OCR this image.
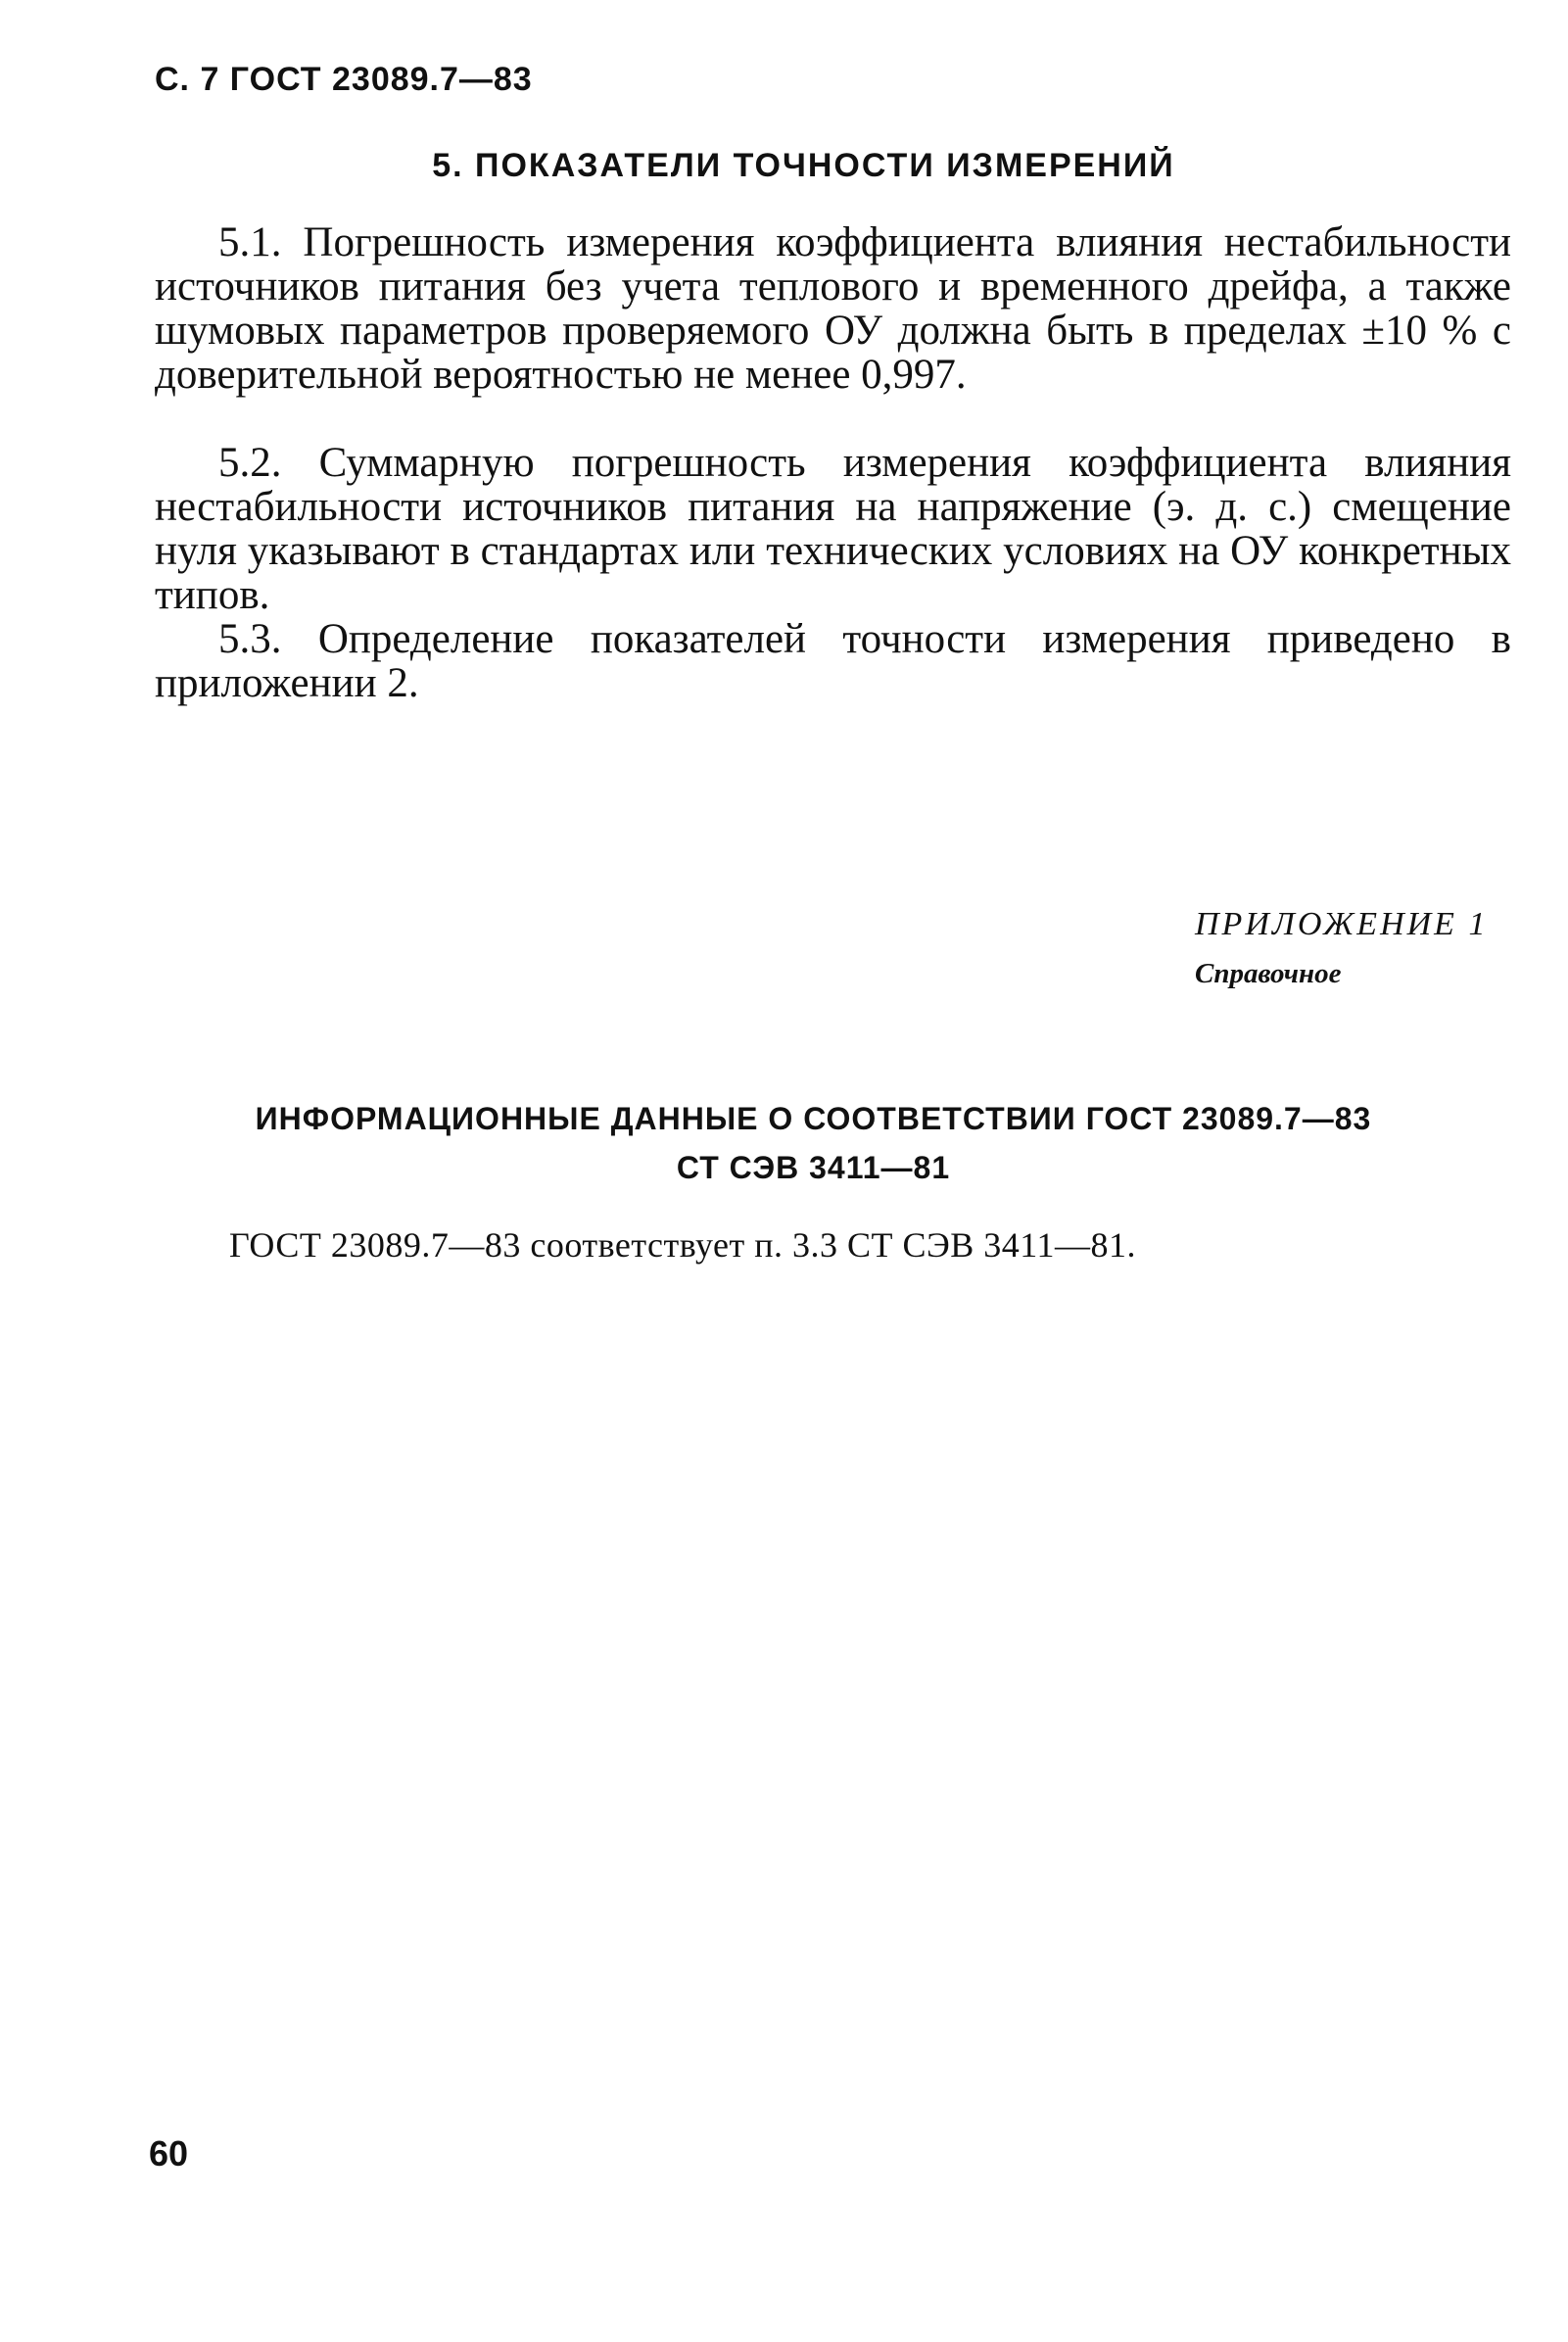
С. 7 ГОСТ 23089.7—83
5. ПОКАЗАТЕЛИ ТОЧНОСТИ ИЗМЕРЕНИЙ
5.1. Погрешность измерения коэффициента влияния нестабильности источников питания без учета теплового и временного дрейфа, а также шумовых параметров проверяемого ОУ должна быть в пределах ±10 % с доверительной вероятностью не менее 0,997.
5.2. Суммарную погрешность измерения коэффициента влияния нестабильности источников питания на напряжение (э. д. с.) смещение нуля указывают в стандартах или технических условиях на ОУ конкретных типов.
5.3. Определение показателей точности измерения приведено в приложении 2.
ПРИЛОЖЕНИЕ 1
Справочное
ИНФОРМАЦИОННЫЕ ДАННЫЕ О СООТВЕТСТВИИ ГОСТ 23089.7—83
СТ СЭВ 3411—81
ГОСТ 23089.7—83 соответствует п. 3.3 СТ СЭВ 3411—81.
60
